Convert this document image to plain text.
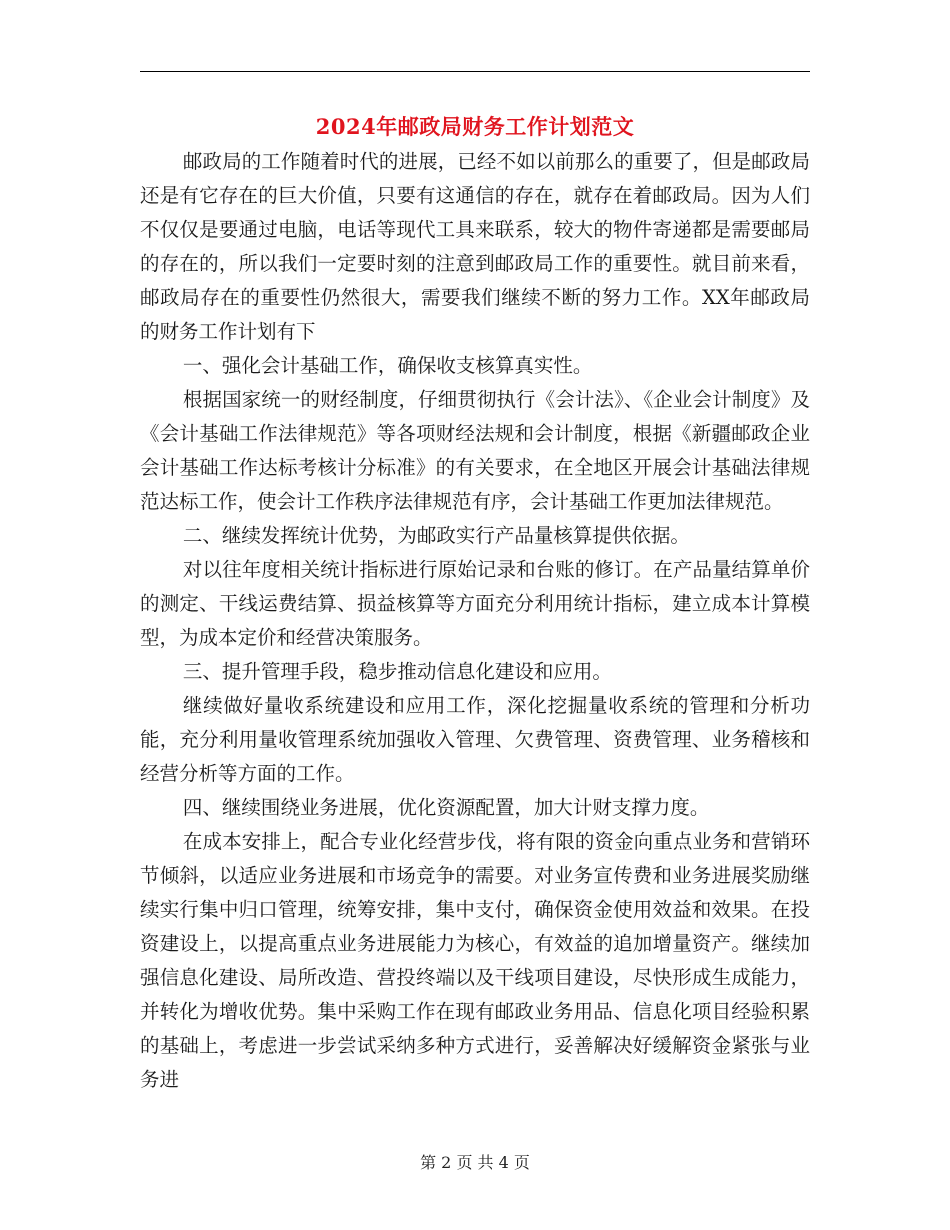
2024年邮政局财务工作计划范文

邮政局的工作随着时代的进展，已经不如以前那么的重要了，但是邮政局还是有它存在的巨大价值，只要有这通信的存在，就存在着邮政局。因为人们不仅仅是要通过电脑，电话等现代工具来联系，较大的物件寄递都是需要邮局的存在的，所以我们一定要时刻的注意到邮政局工作的重要性。就目前来看，邮政局存在的重要性仍然很大，需要我们继续不断的努力工作。XX年邮政局的财务工作计划有下

一、强化会计基础工作，确保收支核算真实性。

根据国家统一的财经制度，仔细贯彻执行《会计法》、《企业会计制度》及《会计基础工作法律规范》等各项财经法规和会计制度，根据《新疆邮政企业会计基础工作达标考核计分标准》的有关要求，在全地区开展会计基础法律规范达标工作，使会计工作秩序法律规范有序，会计基础工作更加法律规范。

二、继续发挥统计优势，为邮政实行产品量核算提供依据。

对以往年度相关统计指标进行原始记录和台账的修订。在产品量结算单价的测定、干线运费结算、损益核算等方面充分利用统计指标，建立成本计算模型，为成本定价和经营决策服务。

三、提升管理手段，稳步推动信息化建设和应用。

继续做好量收系统建设和应用工作，深化挖掘量收系统的管理和分析功能，充分利用量收管理系统加强收入管理、欠费管理、资费管理、业务稽核和经营分析等方面的工作。

四、继续围绕业务进展，优化资源配置，加大计财支撑力度。

在成本安排上，配合专业化经营步伐，将有限的资金向重点业务和营销环节倾斜，以适应业务进展和市场竞争的需要。对业务宣传费和业务进展奖励继续实行集中归口管理，统筹安排，集中支付，确保资金使用效益和效果。在投资建设上，以提高重点业务进展能力为核心，有效益的追加增量资产。继续加强信息化建设、局所改造、营投终端以及干线项目建设，尽快形成生成能力，并转化为增收优势。集中采购工作在现有邮政业务用品、信息化项目经验积累的基础上，考虑进一步尝试采纳多种方式进行，妥善解决好缓解资金紧张与业务进

第 2 页 共 4 页
